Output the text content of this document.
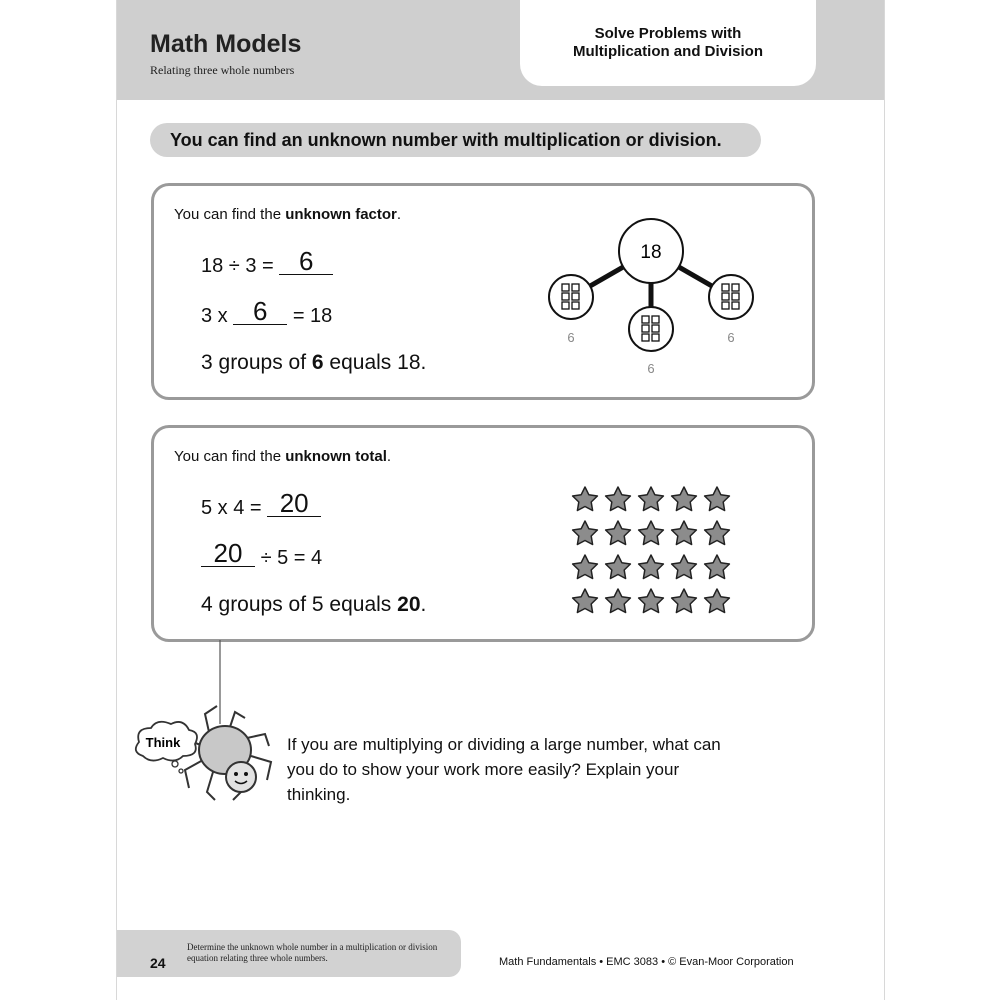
Math Models
Relating three whole numbers
Solve Problems with
Multiplication and Division
You can find an unknown number with multiplication or division.
You can find the unknown factor.
18 ÷ 3 = 6
3 x 6 = 18
3 groups of 6 equals 18.
18
6
6
6
You can find the unknown total.
5 x 4 = 20
20 ÷ 5 = 4
4 groups of 5 equals 20.
Think	If you are multiplying or dividing a large number, what can you do to show your work more easily? Explain your thinking.
24
Determine the unknown whole number in a multiplication or division equation relating three whole numbers.	Math Fundamentals • EMC 3083 • © Evan-Moor Corporation
